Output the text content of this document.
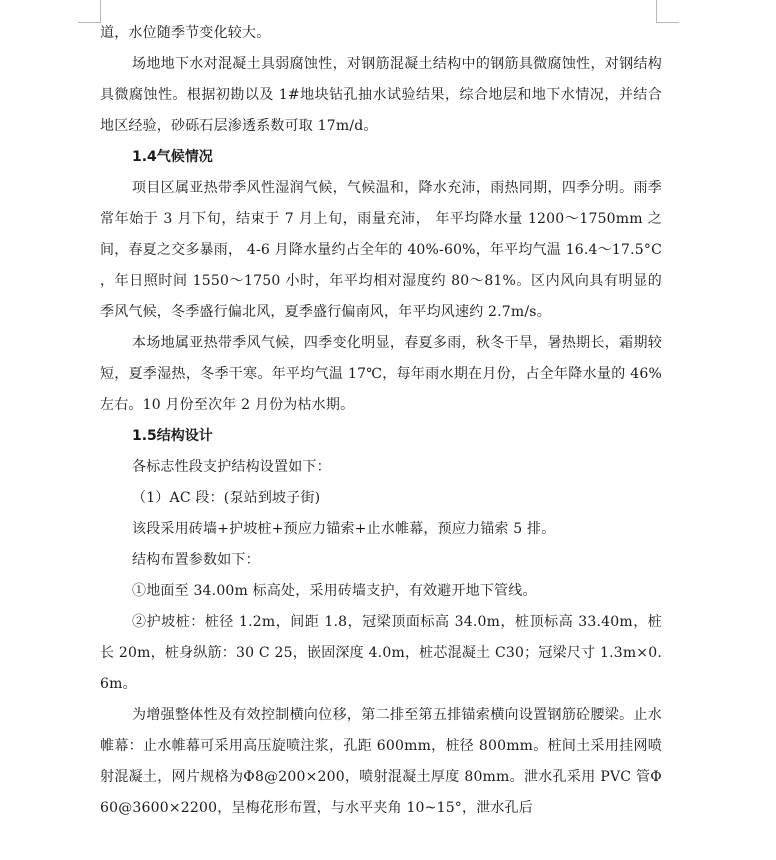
道，水位随季节变化较大。

场地地下水对混凝土具弱腐蚀性，对钢筋混凝土结构中的钢筋具微腐蚀性，对钢结构具微腐蚀性。根据初勘以及 1#地块钻孔抽水试验结果，综合地层和地下水情况，并结合地区经验，砂砾石层渗透系数可取 17m/d。

1.4气候情况

项目区属亚热带季风性湿润气候，气候温和，降水充沛，雨热同期，四季分明。雨季常年始于 3 月下旬，结束于 7 月上旬，雨量充沛， 年平均降水量 1200～1750mm 之间，春夏之交多暴雨， 4-6 月降水量约占全年的 40%-60%，年平均气温 16.4～17.5°C ，年日照时间 1550～1750 小时，年平均相对湿度约 80～81%。区内风向具有明显的季风气候，冬季盛行偏北风，夏季盛行偏南风，年平均风速约 2.7m/s。

本场地属亚热带季风气候，四季变化明显，春夏多雨，秋冬干旱，暑热期长，霜期较短，夏季湿热，冬季干寒。年平均气温 17℃，每年雨水期在月份，占全年降水量的 46%左右。10 月份至次年 2 月份为枯水期。

1.5结构设计

各标志性段支护结构设置如下：

（1）AC 段：(泵站到坡子街)

该段采用砖墙+护坡桩+预应力锚索+止水帷幕，预应力锚索 5 排。

结构布置参数如下：

①地面至 34.00m 标高处，采用砖墙支护，有效避开地下管线。

②护坡桩：桩径 1.2m，间距 1.8，冠梁顶面标高 34.0m，桩顶标高 33.40m，桩长 20m，桩身纵筋：30 C 25，嵌固深度 4.0m，桩芯混凝土 C30；冠梁尺寸 1.3m×0.6m。

为增强整体性及有效控制横向位移，第二排至第五排锚索横向设置钢筋砼腰梁。止水帷幕：止水帷幕可采用高压旋喷注浆，孔距 600mm，桩径 800mm。桩间土采用挂网喷射混凝土，网片规格为Φ8@200×200，喷射混凝土厚度 80mm。泄水孔采用 PVC 管Φ60@3600×2200，呈梅花形布置，与水平夹角 10~15°，泄水孔后
